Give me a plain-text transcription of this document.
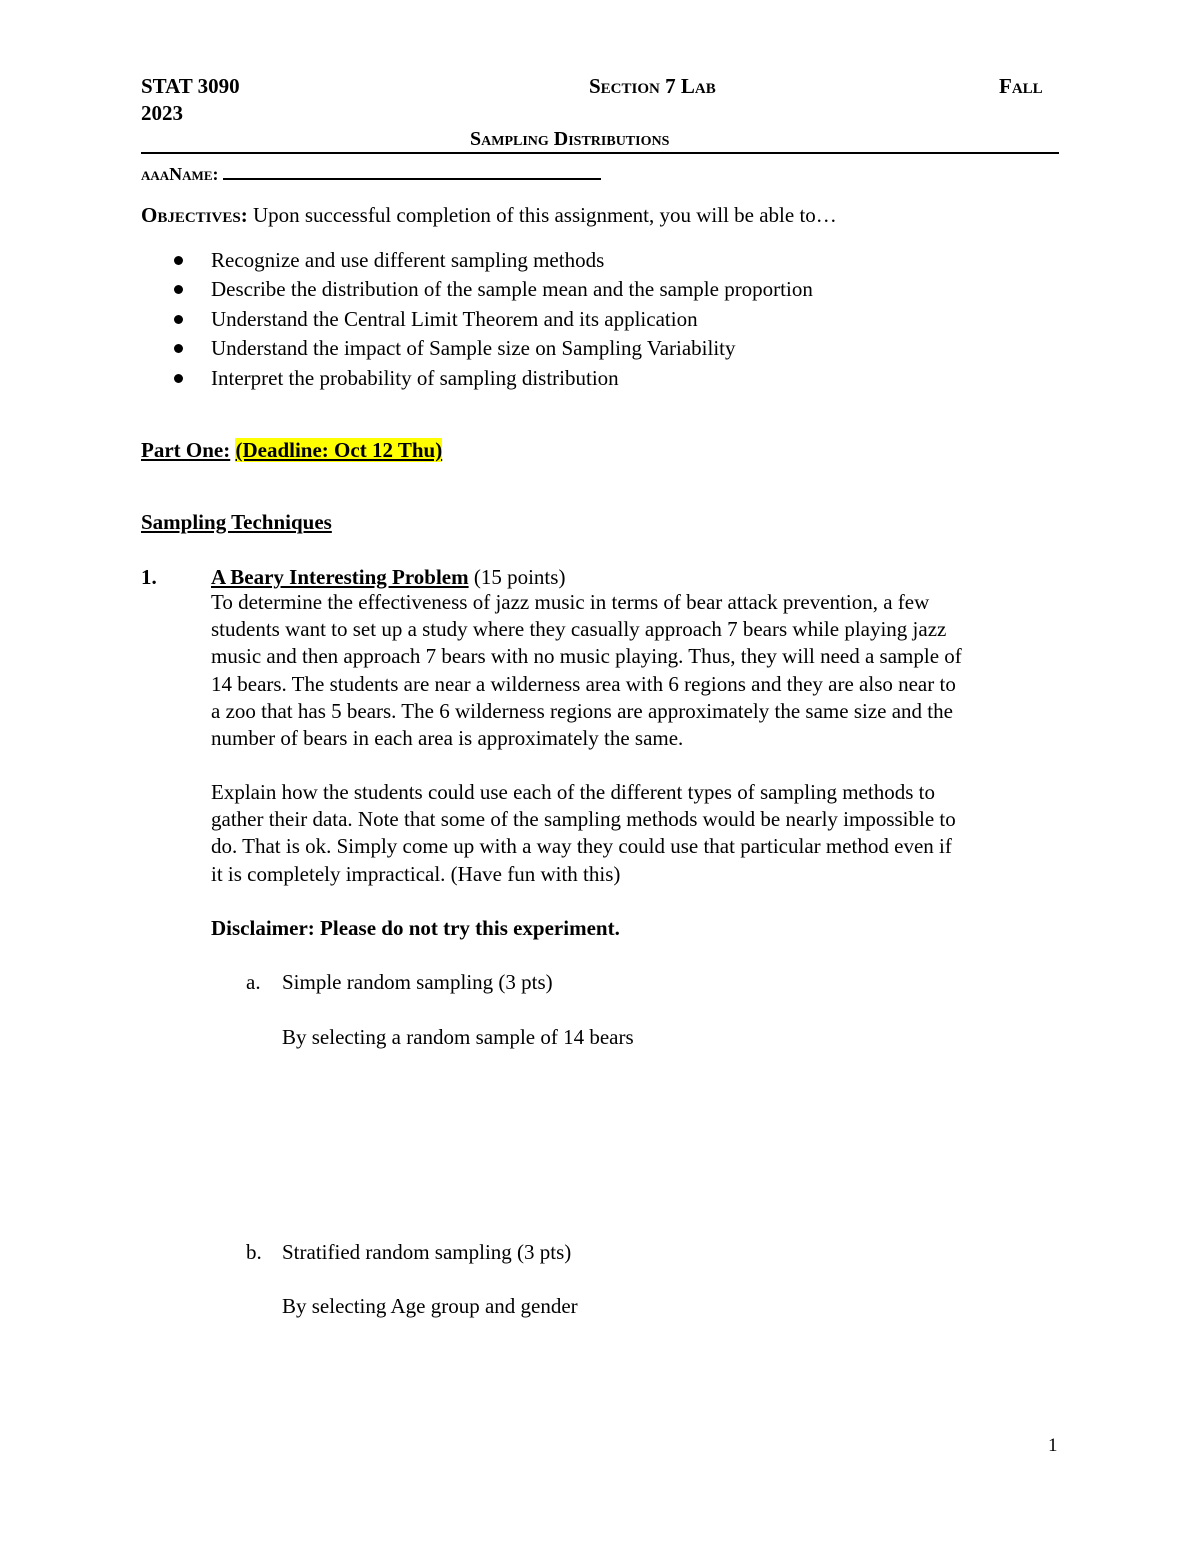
STAT 3090	Section 7 Lab	Fall
2023
Sampling Distributions
aaaName:
Objectives: Upon successful completion of this assignment, you will be able to…
Recognize and use different sampling methods
Describe the distribution of the sample mean and the sample proportion
Understand the Central Limit Theorem and its application
Understand the impact of Sample size on Sampling Variability
Interpret the probability of sampling distribution
Part One: (Deadline: Oct 12 Thu)
Sampling Techniques
1.	A Beary Interesting Problem (15 points)
To determine the effectiveness of jazz music in terms of bear attack prevention, a few
students want to set up a study where they casually approach 7 bears while playing jazz
music and then approach 7 bears with no music playing. Thus, they will need a sample of
14 bears. The students are near a wilderness area with 6 regions and they are also near to
a zoo that has 5 bears. The 6 wilderness regions are approximately the same size and the
number of bears in each area is approximately the same.
Explain how the students could use each of the different types of sampling methods to
gather their data. Note that some of the sampling methods would be nearly impossible to
do. That is ok. Simply come up with a way they could use that particular method even if
it is completely impractical. (Have fun with this)
Disclaimer: Please do not try this experiment.
a. Simple random sampling (3 pts)
By selecting a random sample of 14 bears
b. Stratified random sampling (3 pts)
By selecting Age group and gender
1
